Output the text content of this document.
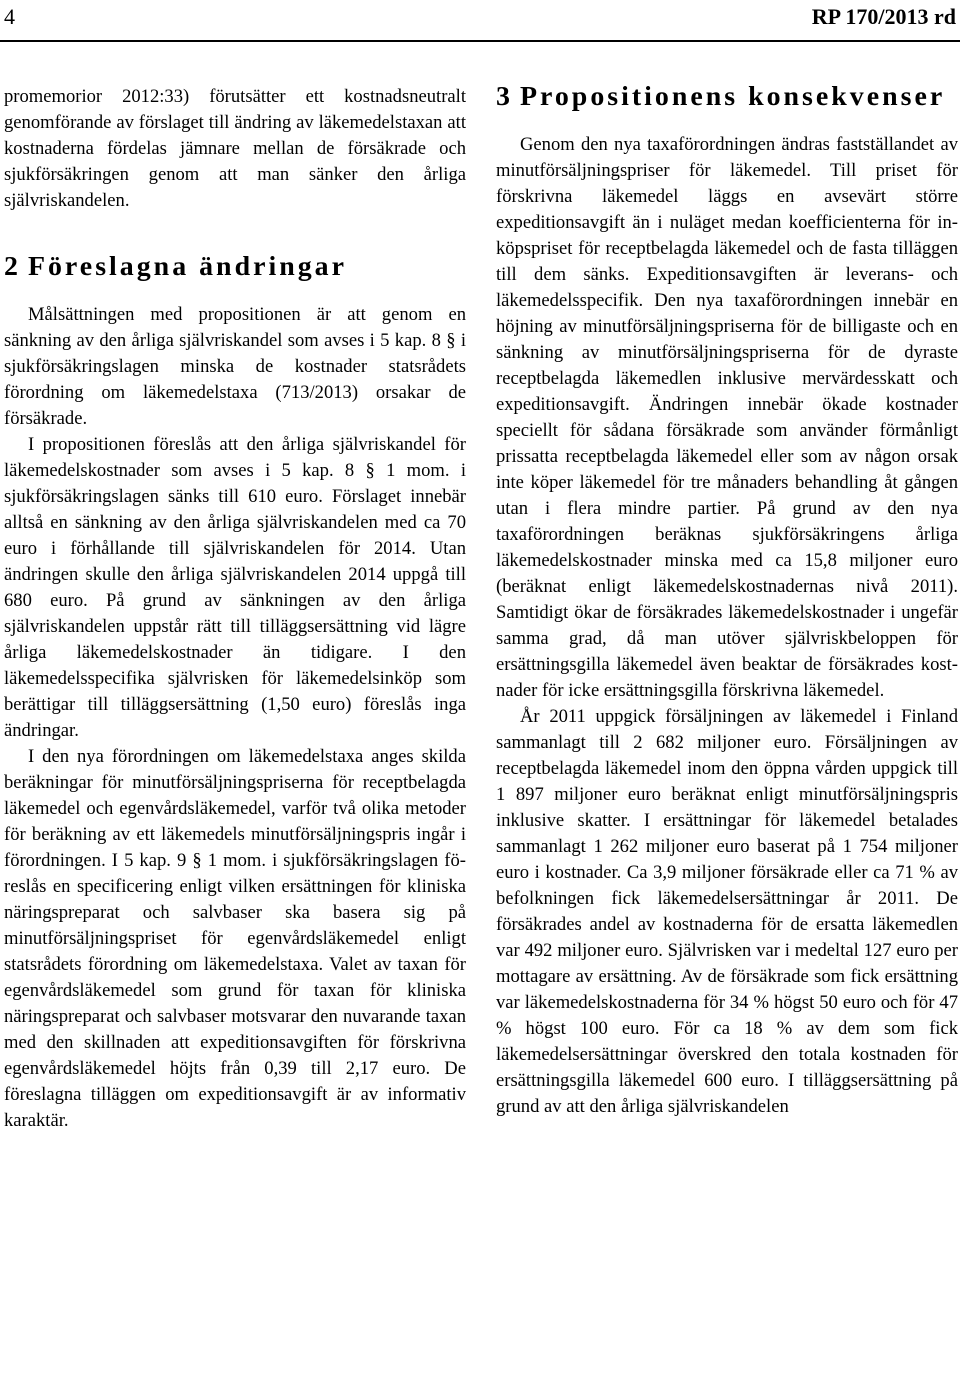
4	RP 170/2013 rd

promemorior 2012:33) förutsätter ett kostnadsneutralt genomförande av förslaget till ändring av läkemedelstaxan att kostnaderna fördelas jämnare mellan de försäkrade och sjukförsäkringen genom att man sänker den årliga självriskandelen.

2 Föreslagna ändringar

Målsättningen med propositionen är att genom en sänkning av den årliga självriskandel som avses i 5 kap. 8 § i sjukförsäkringslagen minska de kostnader statsrådets förordning om läkemedelstaxa (713/2013) orsakar de försäkrade.

I propositionen föreslås att den årliga självriskandel för läkemedelskostnader som avses i 5 kap. 8 § 1 mom. i sjukförsäkringslagen sänks till 610 euro. Förslaget innebär alltså en sänkning av den årliga självriskandelen med ca 70 euro i förhållande till självriskandelen för 2014. Utan ändringen skulle den årliga självriskandelen 2014 uppgå till 680 euro. På grund av sänkningen av den årliga självriskandelen uppstår rätt till tilläggsersättning vid lägre årliga läkemedelskostnader än tidigare. I den läkemedelsspecifika självrisken för läkemedelsinköp som berättigar till tilläggsersättning (1,50 euro) föreslås inga ändringar.

I den nya förordningen om läkemedelstaxa anges skilda beräkningar för minutförsäljningspriserna för receptbelagda läkemedel och egenvårdsläkemedel, varför två olika metoder för beräkning av ett läkemedels minutförsäljningspris ingår i förordningen. I 5 kap. 9 § 1 mom. i sjukförsäkringslagen föreslås en specificering enligt vilken ersättningen för kliniska näringspreparat och salvbaser ska basera sig på minutförsäljningspriset för egenvårdsläkemedel enligt statsrådets förordning om läkemedelstaxa. Valet av taxan för egenvårdsläkemedel som grund för taxan för kliniska näringspreparat och salvbaser motsvarar den nuvarande taxan med den skillnaden att expeditionsavgiften för förskrivna egenvårdsläkemedel höjts från 0,39 till 2,17 euro. De föreslagna tilläggen om expeditionsavgift är av informativ karaktär.

3 Propositionens konsekvenser

Genom den nya taxaförordningen ändras fastställandet av minutförsäljningspriser för läkemedel. Till priset för förskrivna läkemedel läggs en avsevärt större expeditionsavgift än i nuläget medan koefficienterna för inköpspriset för receptbelagda läkemedel och de fasta tilläggen till dem sänks. Expeditionsavgiften är leverans- och läkemedelsspecifik. Den nya taxaförordningen innebär en höjning av minutförsäljningspriserna för de billigaste och en sänkning av minutförsäljningspriserna för de dyraste receptbelagda läkemedlen inklusive mervärdesskatt och expeditionsavgift. Ändringen innebär ökade kostnader speciellt för sådana försäkrade som använder förmånligt prissatta receptbelagda läkemedel eller som av någon orsak inte köper läkemedel för tre månaders behandling åt gången utan i flera mindre partier. På grund av den nya taxaförordningen beräknas sjukförsäkringens årliga läkemedelskostnader minska med ca 15,8 miljoner euro (beräknat enligt läkemedelskostnadernas nivå 2011). Samtidigt ökar de försäkrades läkemedelskostnader i ungefär samma grad, då man utöver självriskbeloppen för ersättningsgilla läkemedel även beaktar de försäkrades kostnader för icke ersättningsgilla förskrivna läkemedel.

År 2011 uppgick försäljningen av läkemedel i Finland sammanlagt till 2 682 miljoner euro. Försäljningen av receptbelagda läkemedel inom den öppna vården uppgick till 1 897 miljoner euro beräknat enligt minutförsäljningspris inklusive skatter. I ersättningar för läkemedel betalades sammanlagt 1 262 miljoner euro baserat på 1 754 miljoner euro i kostnader. Ca 3,9 miljoner försäkrade eller ca 71 % av befolkningen fick läkemedelsersättningar år 2011. De försäkrades andel av kostnaderna för de ersatta läkemedlen var 492 miljoner euro. Självrisken var i medeltal 127 euro per mottagare av ersättning. Av de försäkrade som fick ersättning var läkemedelskostnaderna för 34 % högst 50 euro och för 47 % högst 100 euro. För ca 18 % av dem som fick läkemedelsersättningar överskred den totala kostnaden för ersättningsgilla läkemedel 600 euro. I tilläggsersättning på grund av att den årliga självriskandelen
